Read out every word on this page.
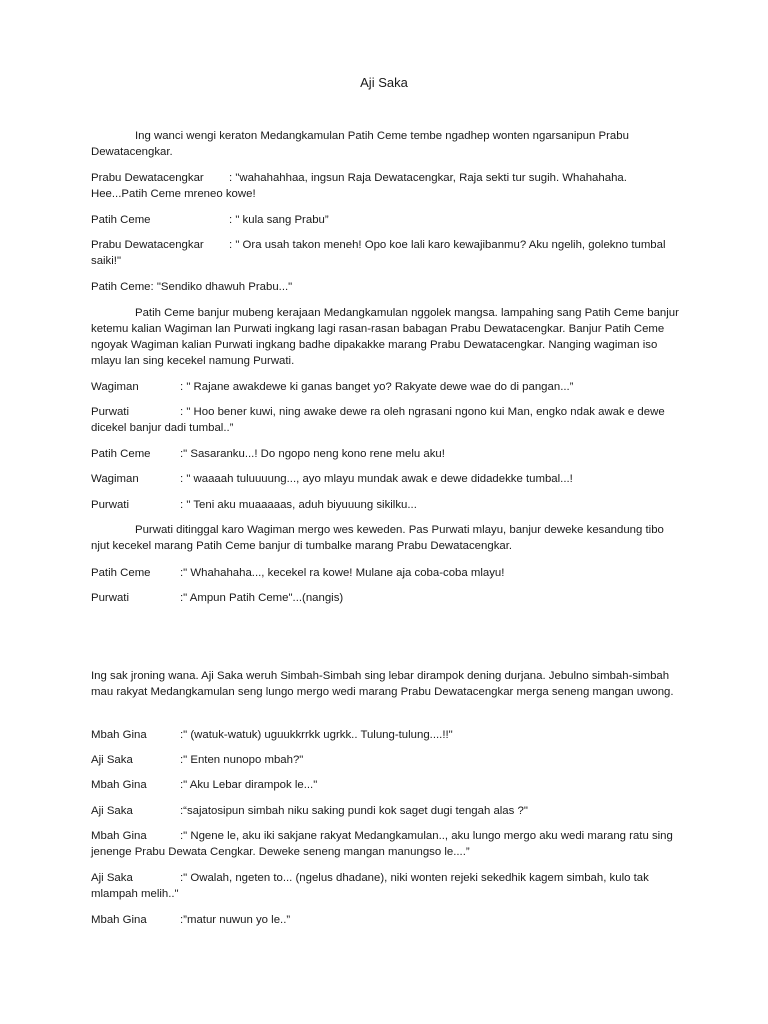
Aji Saka

Ing wanci wengi keraton Medangkamulan Patih Ceme tembe ngadhep wonten ngarsanipun Prabu Dewatacengkar.

Prabu Dewatacengkar : "wahahahhaa, ingsun Raja Dewatacengkar, Raja sekti tur sugih. Whahahaha. Hee...Patih Ceme mreneo kowe!

Patih Ceme	: " kula sang Prabu”

Prabu Dewatacengkar : " Ora usah takon meneh! Opo koe lali karo kewajibanmu? Aku ngelih, golekno tumbal saiki!"

Patih Ceme: "Sendiko dhawuh Prabu..."

Patih Ceme banjur mubeng kerajaan Medangkamulan nggolek mangsa. lampahing sang Patih Ceme banjur ketemu kalian Wagiman lan Purwati ingkang lagi rasan-rasan babagan Prabu Dewatacengkar. Banjur Patih Ceme ngoyak Wagiman kalian Purwati ingkang badhe dipakakke marang Prabu Dewatacengkar. Nanging wagiman iso mlayu lan sing kecekel namung Purwati.

Wagiman	: " Rajane awakdewe ki ganas banget yo? Rakyate dewe wae do di pangan...”

Purwati	: " Hoo bener kuwi, ning awake dewe ra oleh ngrasani ngono kui Man, engko ndak awak e dewe dicekel banjur dadi tumbal..”

Patih Ceme	:" Sasaranku...! Do ngopo neng kono rene melu aku!

Wagiman	: " waaaah tuluuuung..., ayo mlayu mundak awak e dewe didadekke tumbal...!

Purwati	: " Teni aku muaaaaas, aduh biyuuung sikilku...

Purwati ditinggal karo Wagiman mergo wes keweden. Pas Purwati mlayu, banjur deweke kesandung tibo njut kecekel marang Patih Ceme banjur di tumbalke marang Prabu Dewatacengkar.

Patih Ceme	:" Whahahaha..., kecekel ra kowe! Mulane aja coba-coba mlayu!

Purwati	:" Ampun Patih Ceme"...(nangis)

Ing sak jroning wana. Aji Saka weruh Simbah-Simbah sing lebar dirampok dening durjana. Jebulno simbah-simbah mau rakyat Medangkamulan seng lungo mergo wedi marang Prabu Dewatacengkar merga seneng mangan uwong.

Mbah Gina	:" (watuk-watuk) uguukkrrkk ugrkk.. Tulung-tulung....!!"

Aji Saka	:" Enten nunopo mbah?"

Mbah Gina	:" Aku Lebar dirampok le..."

Aji Saka	:“sajatosipun simbah niku saking pundi kok saget dugi tengah alas ?"

Mbah Gina	:" Ngene le, aku iki sakjane rakyat Medangkamulan.., aku lungo mergo aku wedi marang ratu sing jenenge Prabu Dewata Cengkar. Deweke seneng mangan manungso le....”

Aji Saka	:" Owalah, ngeten to... (ngelus dhadane), niki wonten rejeki sekedhik kagem simbah, kulo tak mlampah melih.."

Mbah Gina	:”matur nuwun yo le..”
